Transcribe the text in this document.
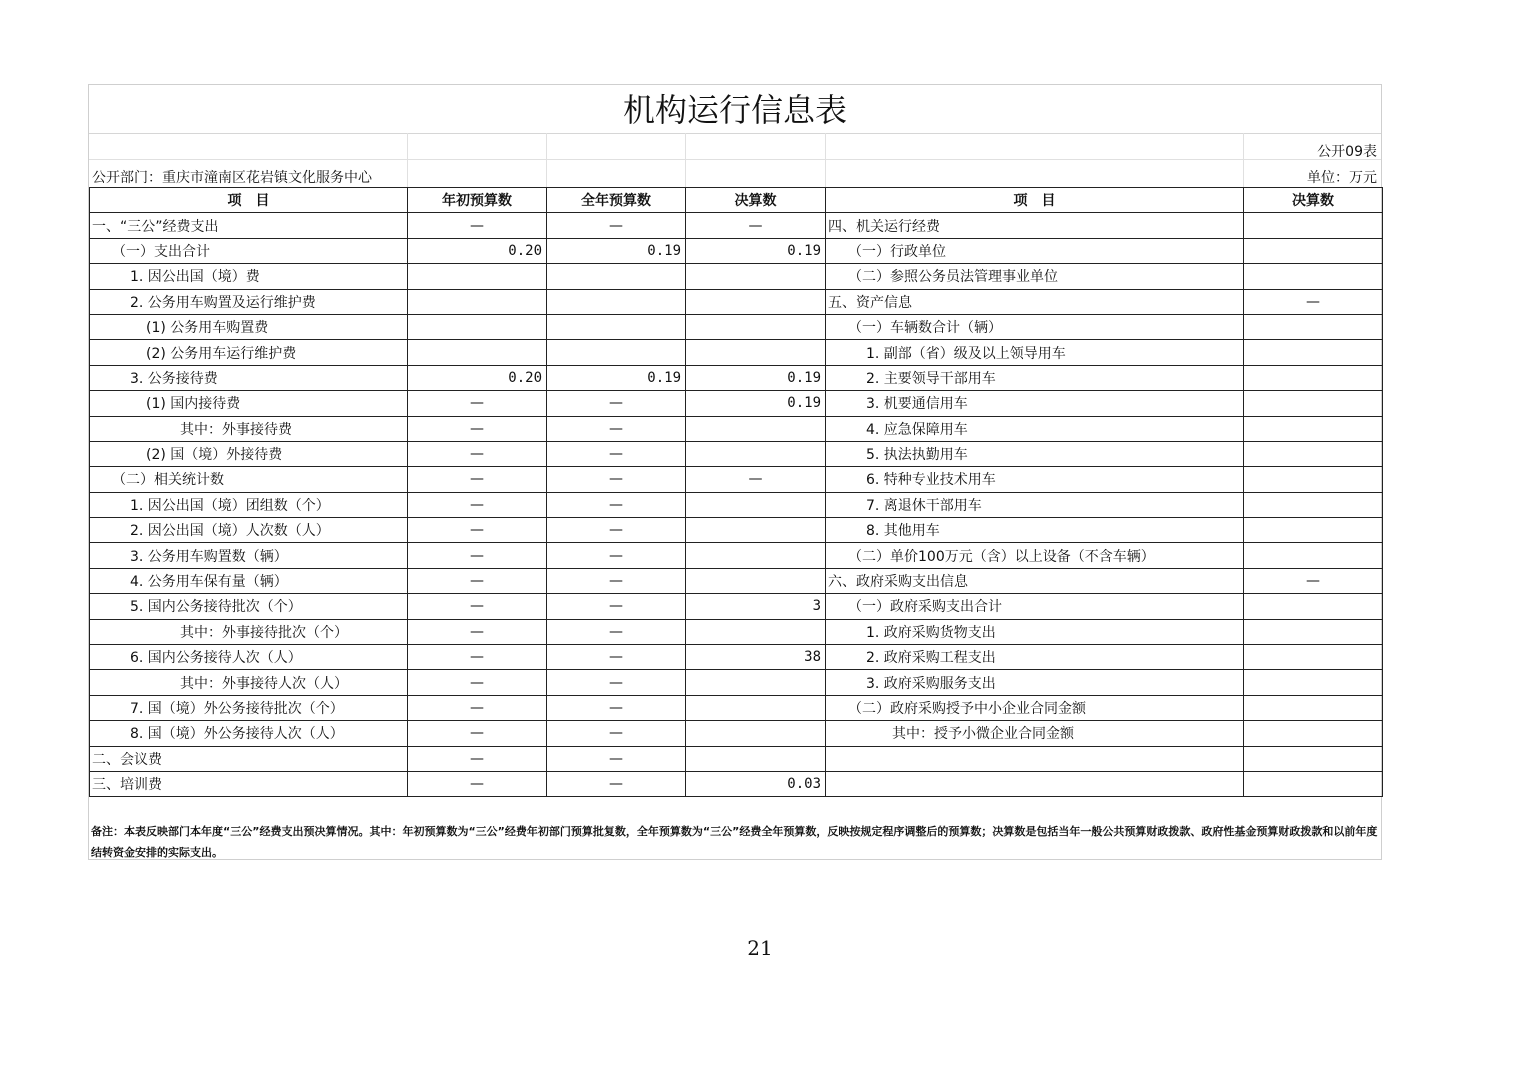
机构运行信息表
公开09表
公开部门：重庆市潼南区花岩镇文化服务中心	单位：万元
项　目	年初预算数	全年预算数	决算数	项　目	决算数
一、“三公”经费支出	—	—	—	四、机关运行经费	
（一）支出合计	0.20	0.19	0.19	（一）行政单位	
1. 因公出国（境）费				（二）参照公务员法管理事业单位	
2. 公务用车购置及运行维护费				五、资产信息	—
(1) 公务用车购置费				（一）车辆数合计（辆）	
(2) 公务用车运行维护费				1. 副部（省）级及以上领导用车	
3. 公务接待费	0.20	0.19	0.19	2. 主要领导干部用车	
(1) 国内接待费	—	—	0.19	3. 机要通信用车	
其中：外事接待费	—	—		4. 应急保障用车	
(2) 国（境）外接待费	—	—		5. 执法执勤用车	
（二）相关统计数	—	—	—	6. 特种专业技术用车	
1. 因公出国（境）团组数（个）	—	—		7. 离退休干部用车	
2. 因公出国（境）人次数（人）	—	—		8. 其他用车	
3. 公务用车购置数（辆）	—	—		（二）单价100万元（含）以上设备（不含车辆）	
4. 公务用车保有量（辆）	—	—		六、政府采购支出信息	—
5. 国内公务接待批次（个）	—	—	3	（一）政府采购支出合计	
其中：外事接待批次（个）	—	—		1. 政府采购货物支出	
6. 国内公务接待人次（人）	—	—	38	2. 政府采购工程支出	
其中：外事接待人次（人）	—	—		3. 政府采购服务支出	
7. 国（境）外公务接待批次（个）	—	—		（二）政府采购授予中小企业合同金额	
8. 国（境）外公务接待人次（人）	—	—		其中：授予小微企业合同金额	
二、会议费	—	—			
三、培训费	—	—	0.03		
备注：本表反映部门本年度“三公”经费支出预决算情况。其中：年初预算数为“三公”经费年初部门预算批复数，全年预算数为“三公”经费全年预算数，反映按规定程序调整后的预算数；决算数是包括当年一般公共预算财政拨款、政府性基金预算财政拨款和以前年度结转资金安排的实际支出。
21
